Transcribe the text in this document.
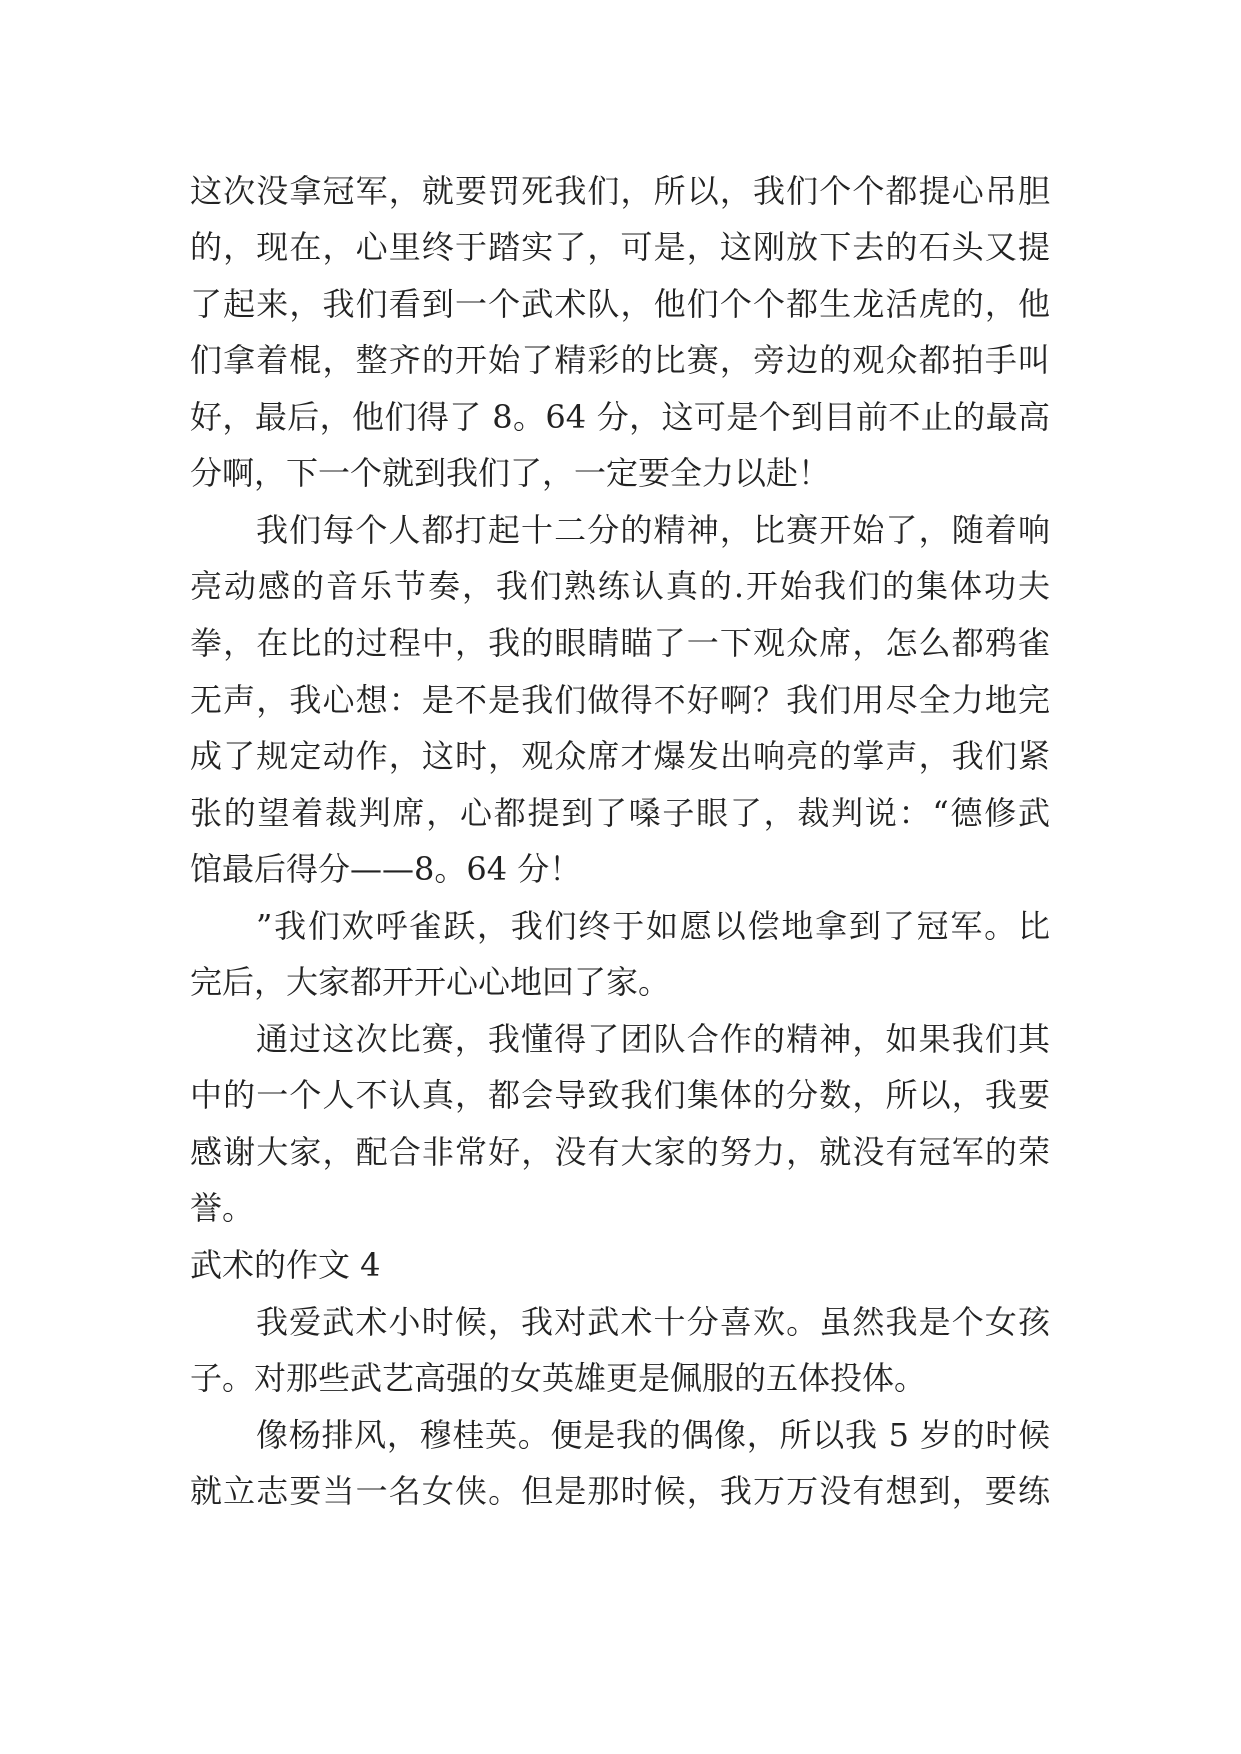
这次没拿冠军，就要罚死我们，所以，我们个个都提心吊胆
的，现在，心里终于踏实了，可是，这刚放下去的石头又提
了起来，我们看到一个武术队，他们个个都生龙活虎的，他
们拿着棍，整齐的开始了精彩的比赛，旁边的观众都拍手叫
好，最后，他们得了 8。64 分，这可是个到目前不止的最高
分啊，下一个就到我们了，一定要全力以赴！
我们每个人都打起十二分的精神，比赛开始了，随着响
亮动感的音乐节奏，我们熟练认真的.开始我们的集体功夫
拳，在比的过程中，我的眼睛瞄了一下观众席，怎么都鸦雀
无声，我心想：是不是我们做得不好啊？我们用尽全力地完
成了规定动作，这时，观众席才爆发出响亮的掌声，我们紧
张的望着裁判席，心都提到了嗓子眼了，裁判说：“德修武
馆最后得分——8。64 分！
”我们欢呼雀跃，我们终于如愿以偿地拿到了冠军。比
完后，大家都开开心心地回了家。
通过这次比赛，我懂得了团队合作的精神，如果我们其
中的一个人不认真，都会导致我们集体的分数，所以，我要
感谢大家，配合非常好，没有大家的努力，就没有冠军的荣
誉。
武术的作文 4
我爱武术小时候，我对武术十分喜欢。虽然我是个女孩
子。对那些武艺高强的女英雄更是佩服的五体投体。
像杨排风，穆桂英。便是我的偶像，所以我 5 岁的时候
就立志要当一名女侠。但是那时候，我万万没有想到，要练
